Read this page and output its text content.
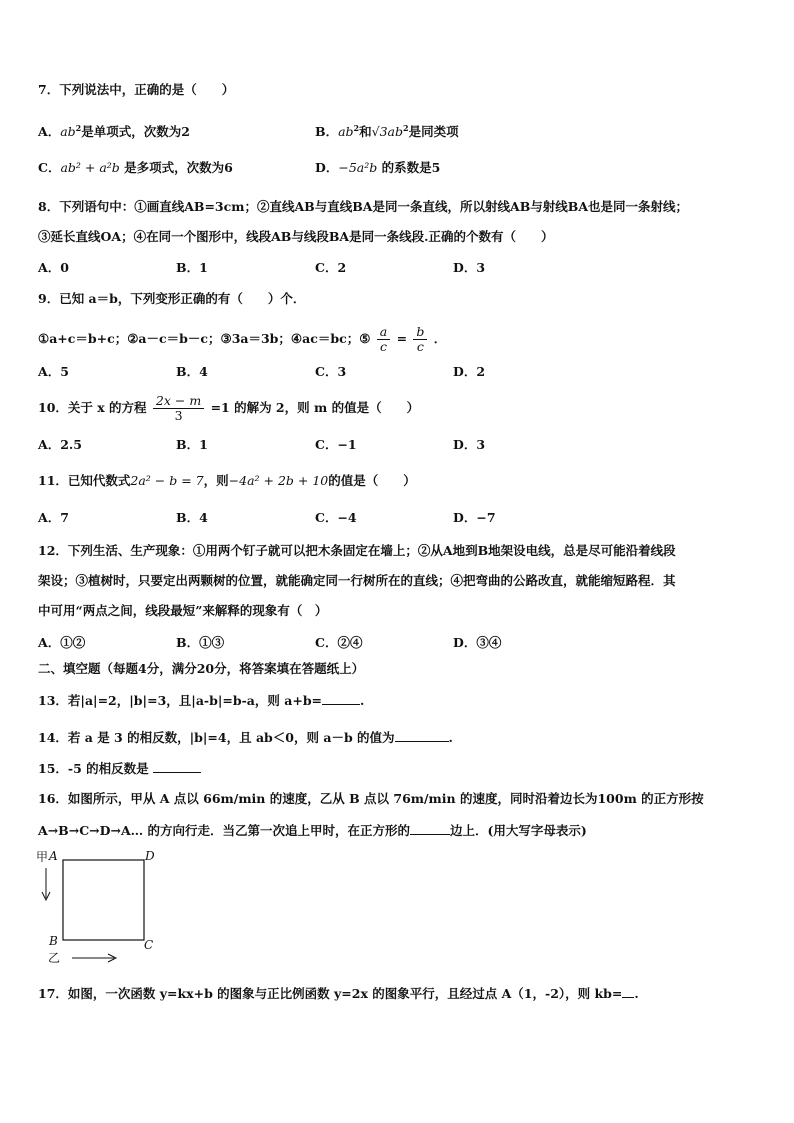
7．下列说法中，正确的是（　　）
A．$ab^2$是单项式，次数为2	B．$ab^2$和$√3ab^2$是同类项
C．ab² + a²b 是多项式，次数为6	D．−5a²b 的系数是5
8．下列语句中：①画直线AB=3cm；②直线AB与直线BA是同一条直线，所以射线AB与射线BA也是同一条射线；
③延长直线OA；④在同一个图形中，线段AB与线段BA是同一条线段.正确的个数有（　　）
A．0	B．1	C．2	D．3
9．已知 a＝b，下列变形正确的有（　　）个．
①a+c＝b+c；②a－c＝b－c；③3a＝3b；④ac＝bc；⑤ $\frac{a}{c} = \frac{b}{c}$ ．
A．5	B．4	C．3	D．2
10．关于 x 的方程 $\frac{2x - m}{3} =1$ 的解为 2，则 m 的值是（　　）
A．2.5	B．1	C．−1	D．3
11．已知代数式2a² − b = 7，则−4a² + 2b + 10的值是（　　）
A．7	B．4	C．−4	D．−7
12．下列生活、生产现象：①用两个钉子就可以把木条固定在墙上；②从A地到B地架设电线，总是尽可能沿着线段
架设；③植树时，只要定出两颗树的位置，就能确定同一行树所在的直线；④把弯曲的公路改直，就能缩短路程．其
中可用“两点之间，线段最短”来解释的现象有（　）
A．①②	B．①③	C．②④	D．③④
二、填空题（每题4分，满分20分，将答案填在答题纸上）
13．若|a|=2，|b|=3，且|a-b|=b-a，则 a+b=	.
14．若 a 是 3 的相反数，|b|=4，且 ab＜0，则 a－b 的值为	.
15．-5 的相反数是
16．如图所示，甲从 A 点以 66m/min 的速度，乙从 B 点以 76m/min 的速度，同时沿着边长为100m 的正方形按
A→B→C→D→A… 的方向行走．当乙第一次追上甲时，在正方形的	边上．(用大写字母表示)
甲 A	D
B	C
乙
17．如图，一次函数 y=kx+b 的图象与正比例函数 y=2x 的图象平行，且经过点 A（1，-2），则 kb= .
